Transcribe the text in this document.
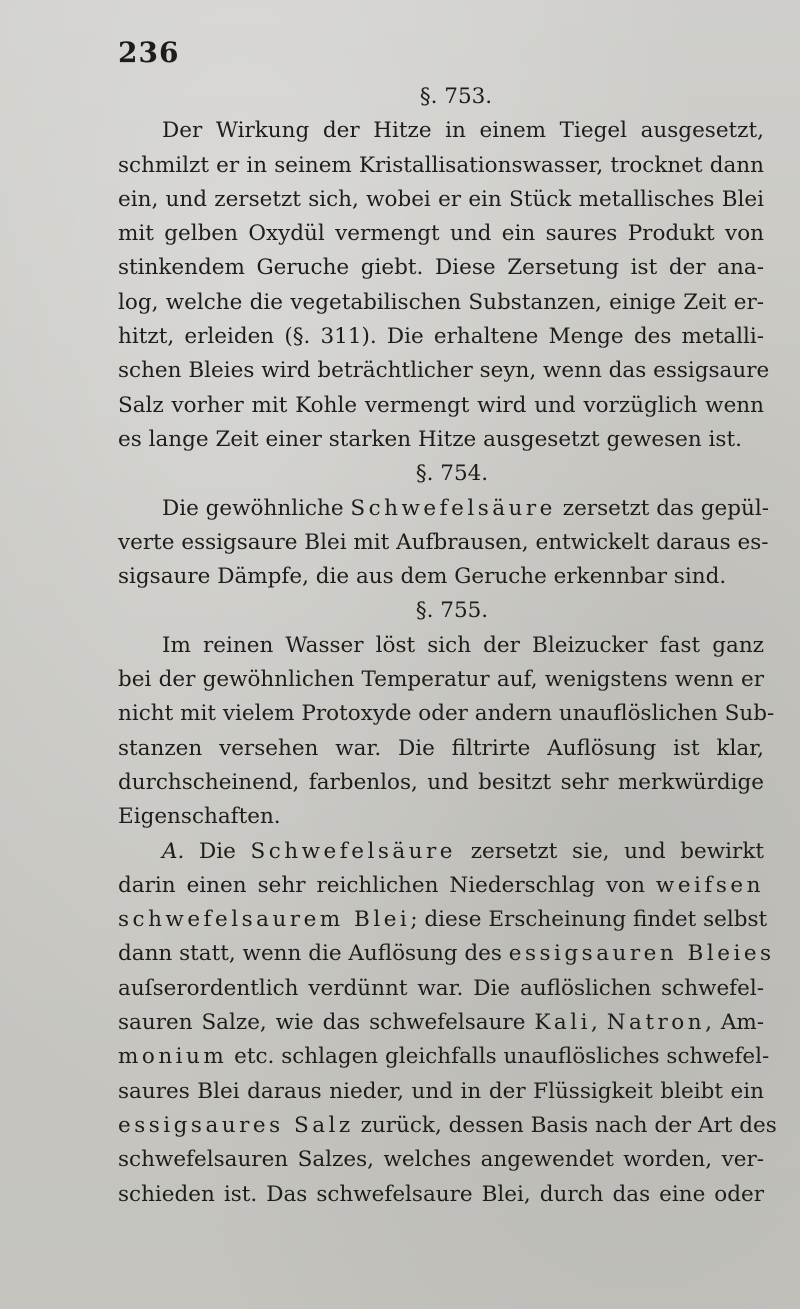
236
§. 753.
Der Wirkung der Hitze in einem Tiegel ausgesetzt,
schmilzt er in seinem Kristallisationswasser, trocknet dann
ein, und zersetzt sich, wobei er ein Stück metallisches Blei
mit gelben Oxydül vermengt und ein saures Produkt von
stinkendem Geruche giebt. Diese Zersetung ist der ana-
log, welche die vegetabilischen Substanzen, einige Zeit er-
hitzt, erleiden (§. 311). Die erhaltene Menge des metalli-
schen Bleies wird beträchtlicher seyn, wenn das essigsaure
Salz vorher mit Kohle vermengt wird und vorzüglich wenn
es lange Zeit einer starken Hitze ausgesetzt gewesen ist.
§. 754.
Die gewöhnliche Schwefelsäure zersetzt das gepül-
verte essigsaure Blei mit Aufbrausen, entwickelt daraus es-
sigsaure Dämpfe, die aus dem Geruche erkennbar sind.
§. 755.
Im reinen Wasser löst sich der Bleizucker fast ganz
bei der gewöhnlichen Temperatur auf, wenigstens wenn er
nicht mit vielem Protoxyde oder andern unauflöslichen Sub-
stanzen versehen war. Die filtrirte Auflösung ist klar,
durchscheinend, farbenlos, und besitzt sehr merkwürdige
Eigenschaften.
A. Die Schwefelsäure zersetzt sie, und bewirkt
darin einen sehr reichlichen Niederschlag von weifsen
schwefelsaurem Blei; diese Erscheinung findet selbst
dann statt, wenn die Auflösung des essigsauren Bleies
auſserordentlich verdünnt war. Die auflöslichen schwefel-
sauren Salze, wie das schwefelsaure Kali, Natron, Am-
monium etc. schlagen gleichfalls unauflösliches schwefel-
saures Blei daraus nieder, und in der Flüssigkeit bleibt ein
essigsaures Salz zurück, dessen Basis nach der Art des
schwefelsauren Salzes, welches angewendet worden, ver-
schieden ist. Das schwefelsaure Blei, durch das eine oder
